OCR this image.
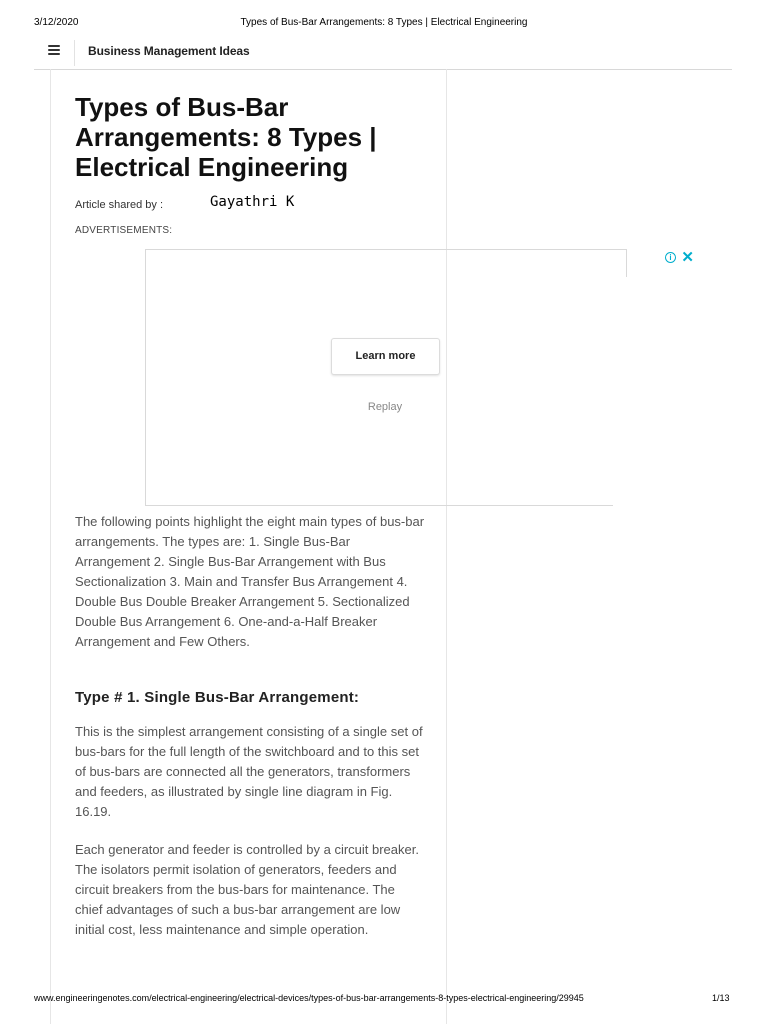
3/12/2020	Types of Bus-Bar Arrangements: 8 Types | Electrical Engineering
Business Management Ideas
Types of Bus-Bar Arrangements: 8 Types | Electrical Engineering
Article shared by :	Gayathri K
ADVERTISEMENTS:
i ✕
Learn more
Replay

The following points highlight the eight main types of bus-bar arrangements. The types are: 1. Single Bus-Bar Arrangement 2. Single Bus-Bar Arrangement with Bus Sectionalization 3. Main and Transfer Bus Arrangement 4. Double Bus Double Breaker Arrangement 5. Sectionalized Double Bus Arrangement 6. One-and-a-Half Breaker Arrangement and Few Others.

Type # 1. Single Bus-Bar Arrangement:

This is the simplest arrangement consisting of a single set of bus-bars for the full length of the switchboard and to this set of bus-bars are connected all the generators, transformers and feeders, as illustrated by single line diagram in Fig. 16.19.

Each generator and feeder is controlled by a circuit breaker. The isolators permit isolation of generators, feeders and circuit breakers from the bus-bars for maintenance. The chief advantages of such a bus-bar arrangement are low initial cost, less maintenance and simple operation.

www.engineeringenotes.com/electrical-engineering/electrical-devices/types-of-bus-bar-arrangements-8-types-electrical-engineering/29945	1/13
